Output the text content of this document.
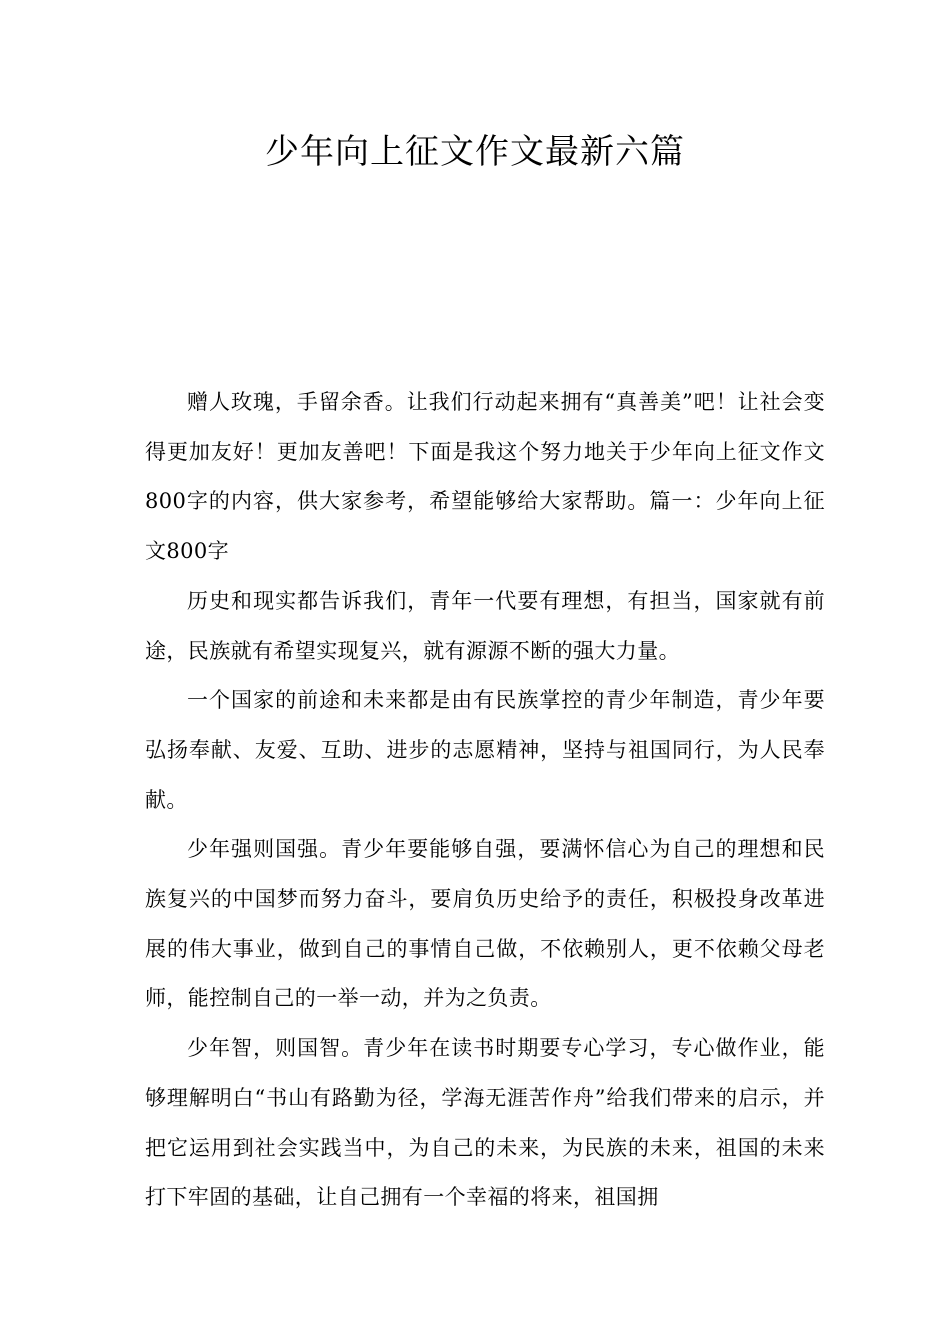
少年向上征文作文最新六篇

赠人玫瑰，手留余香。让我们行动起来拥有“真善美”吧！让社会变得更加友好！更加友善吧！下面是我这个努力地关于少年向上征文作文800字的内容，供大家参考，希望能够给大家帮助。篇一：少年向上征文800字

历史和现实都告诉我们，青年一代要有理想，有担当，国家就有前途，民族就有希望实现复兴，就有源源不断的强大力量。

一个国家的前途和未来都是由有民族掌控的青少年制造，青少年要弘扬奉献、友爱、互助、进步的志愿精神，坚持与祖国同行，为人民奉献。

少年强则国强。青少年要能够自强，要满怀信心为自己的理想和民族复兴的中国梦而努力奋斗，要肩负历史给予的责任，积极投身改革进展的伟大事业，做到自己的事情自己做，不依赖别人，更不依赖父母老师，能控制自己的一举一动，并为之负责。

少年智，则国智。青少年在读书时期要专心学习，专心做作业，能够理解明白“书山有路勤为径，学海无涯苦作舟”给我们带来的启示，并把它运用到社会实践当中，为自己的未来，为民族的未来，祖国的未来打下牢固的基础，让自己拥有一个幸福的将来，祖国拥
